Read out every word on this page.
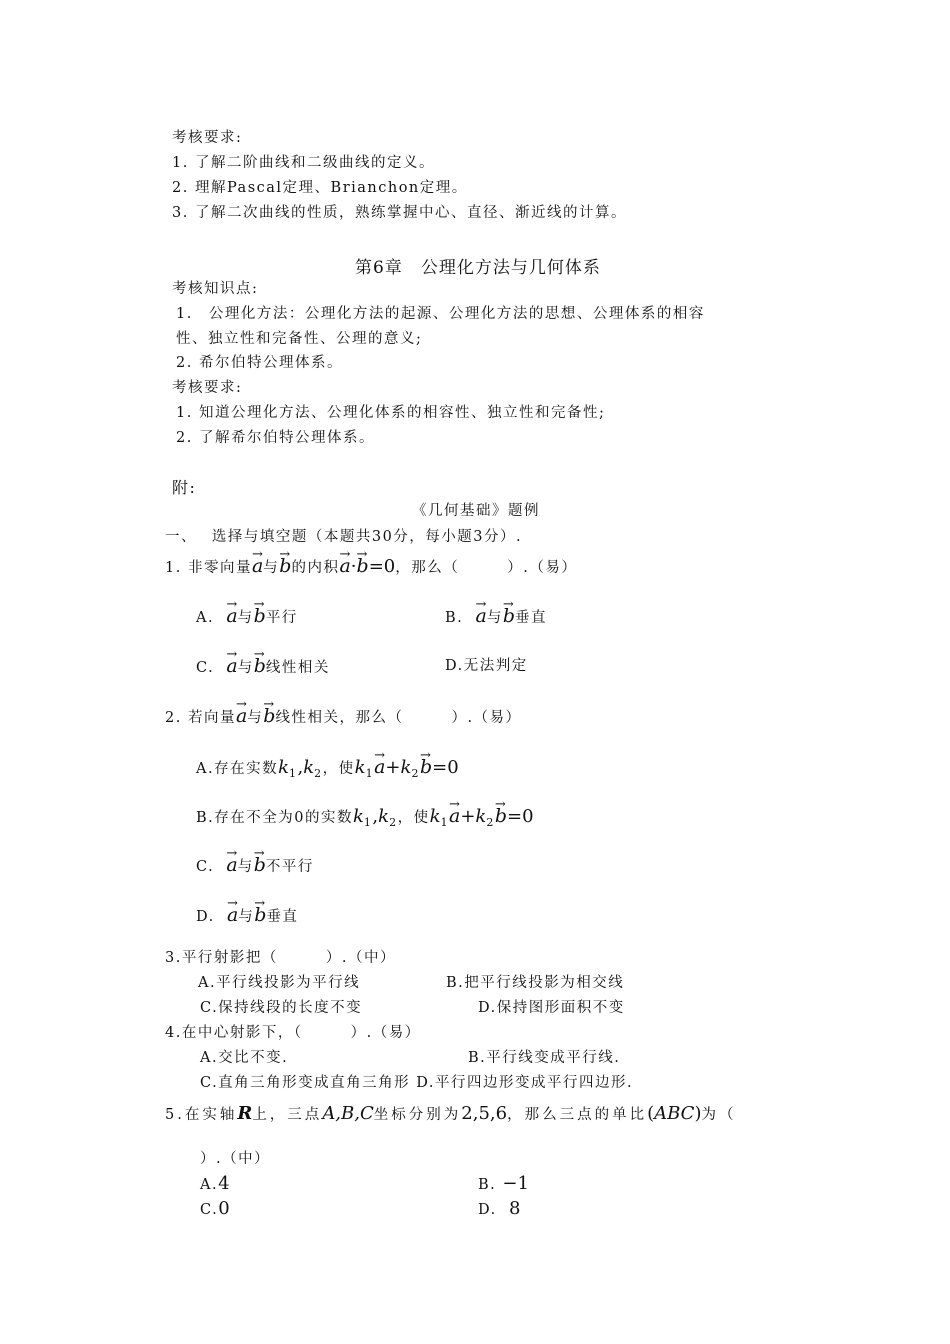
考核要求:
1. 了解二阶曲线和二级曲线的定义。
2. 理解Pascal定理、Brianchon定理。
3. 了解二次曲线的性质，熟练掌握中心、直径、渐近线的计算。
第6章　公理化方法与几何体系
考核知识点:
1.　公理化方法：公理化方法的起源、公理化方法的思想、公理体系的相容
性、独立性和完备性、公理的意义;
2. 希尔伯特公理体系。
考核要求:
1. 知道公理化方法、公理化体系的相容性、独立性和完备性;
2. 了解希尔伯特公理体系。
附:
《几何基础》题例
一、　 选择与填空题（本题共30分，每小题3分）.
1. 非零向量→ a与→ b的内积→ a·→ b=0，那么（　　　）.（易）
A. → a与→ b平行	B. → a与→ b垂直
C. → a与→ b线性相关	D.无法判定
2. 若向量→ a与→ b线性相关，那么（　　　）.（易）
A.存在实数$k_1,k_2$，使$k_1\to a+k_2\to b=0$
B.存在不全为0的实数$k_1,k_2$，使$k_1\to a+k_2\to b=0$
C. → a与→ b不平行
D. → a与→ b垂直
3.平行射影把（　　　）.（中）
A.平行线投影为平行线	B.把平行线投影为相交线
C.保持线段的长度不变	D.保持图形面积不变
4.在中心射影下，（　　　）.（易）
A.交比不变.	B.平行线变成平行线.
C.直角三角形变成直角三角形 D.平行四边形变成平行四边形.
5.在实轴R上，三点A,B,C坐标分别为2,5,6，那么三点的单比(ABC)为（
）.（中）
A.4	B. −1
C.0	D. 8
